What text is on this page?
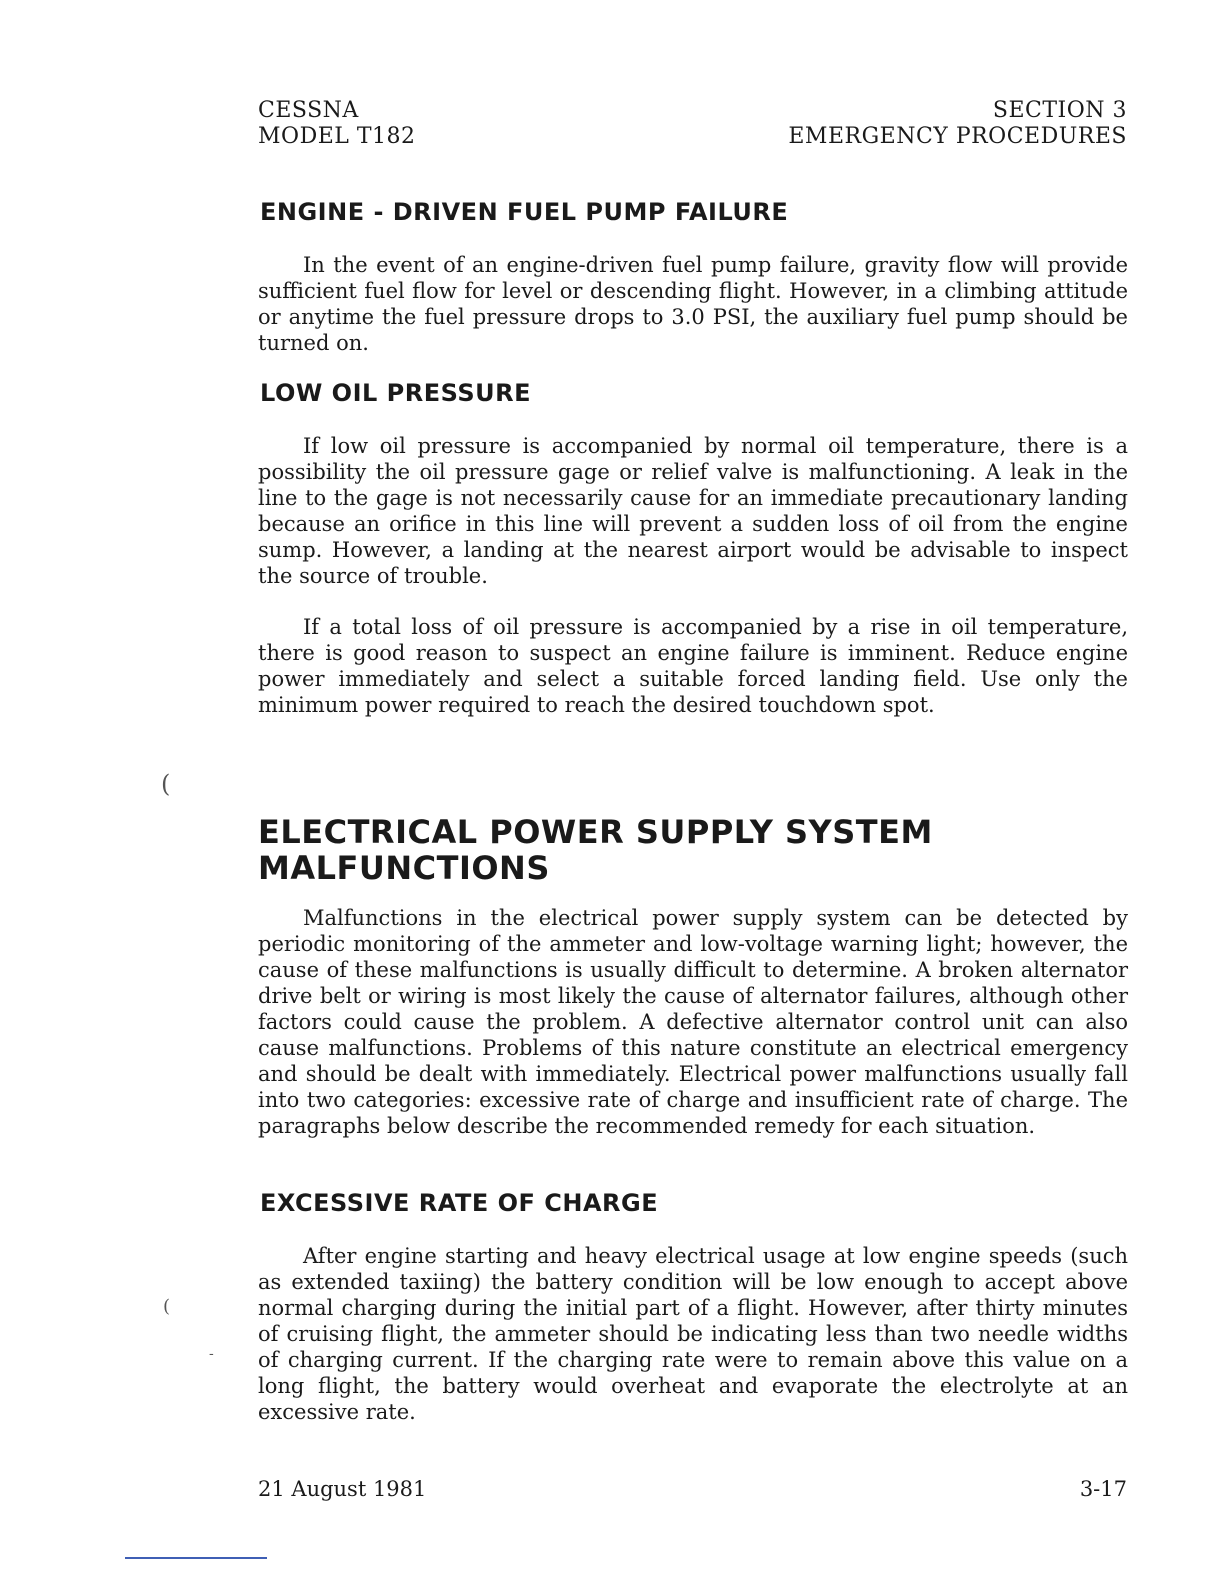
CESSNA
MODEL T182
SECTION 3
EMERGENCY PROCEDURES
ENGINE - DRIVEN FUEL PUMP FAILURE
In the event of an engine-driven fuel pump failure, gravity flow will provide sufficient fuel flow for level or descending flight. However, in a climbing attitude or anytime the fuel pressure drops to 3.0 PSI, the auxiliary fuel pump should be turned on.
LOW OIL PRESSURE
If low oil pressure is accompanied by normal oil temperature, there is a possibility the oil pressure gage or relief valve is malfunctioning. A leak in the line to the gage is not necessarily cause for an immediate precautionary landing because an orifice in this line will prevent a sudden loss of oil from the engine sump. However, a landing at the nearest airport would be advisable to inspect the source of trouble.
If a total loss of oil pressure is accompanied by a rise in oil temperature, there is good reason to suspect an engine failure is imminent. Reduce engine power immediately and select a suitable forced landing field. Use only the minimum power required to reach the desired touchdown spot.
(
ELECTRICAL POWER SUPPLY SYSTEM
MALFUNCTIONS
Malfunctions in the electrical power supply system can be detected by periodic monitoring of the ammeter and low-voltage warning light; however, the cause of these malfunctions is usually difficult to determine. A broken alternator drive belt or wiring is most likely the cause of alternator failures, although other factors could cause the problem. A defective alternator control unit can also cause malfunctions. Problems of this nature constitute an electrical emergency and should be dealt with immediately. Electrical power malfunctions usually fall into two categories: excessive rate of charge and insufficient rate of charge. The paragraphs below describe the recommended remedy for each situation.
EXCESSIVE RATE OF CHARGE
After engine starting and heavy electrical usage at low engine speeds (such as extended taxiing) the battery condition will be low enough to accept above normal charging during the initial part of a flight. However, after thirty minutes of cruising flight, the ammeter should be indicating less than two needle widths of charging current. If the charging rate were to remain above this value on a long flight, the battery would overheat and evaporate the electrolyte at an excessive rate.
(
-
21 August 1981	3-17
